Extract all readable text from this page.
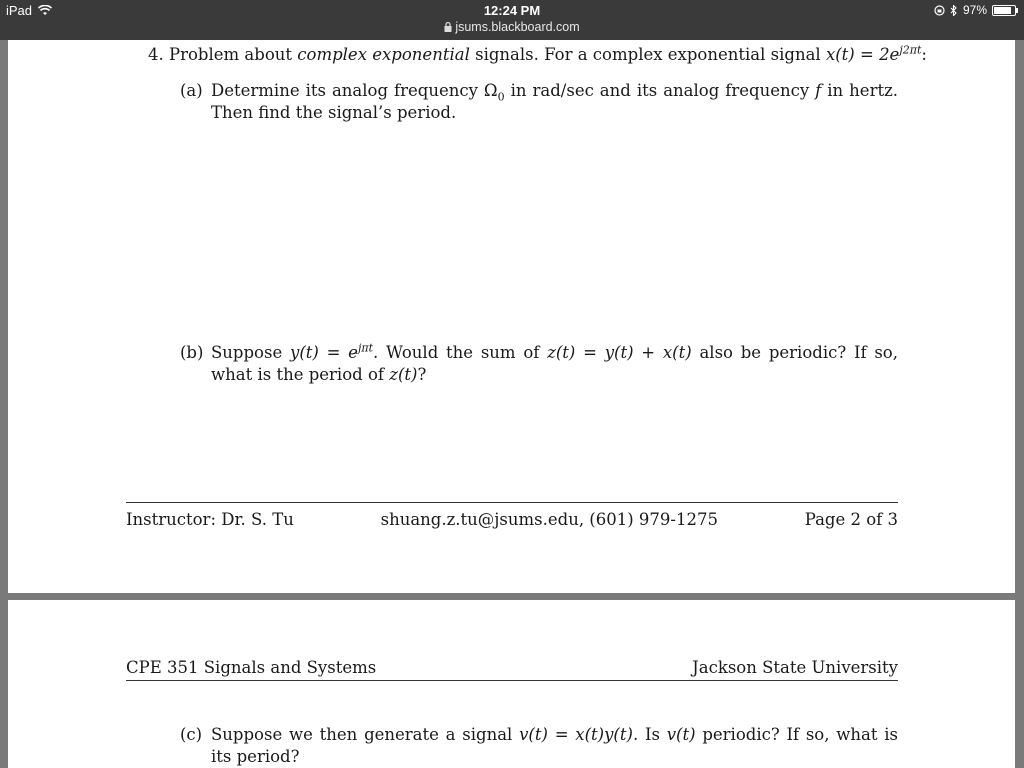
iPad	12:24 PM
jsums.blackboard.com
97%
4. Problem about complex exponential signals. For a complex exponential signal $x(t) = 2e^{j2\pi t}$:
(a) Determine its analog frequency $\Omega_0$ in rad/sec and its analog frequency f in hertz. Then find the signal’s period.
(b) Suppose $y(t) = e^{j\pi t}$. Would the sum of z(t) = y(t) + x(t) also be periodic? If so, what is the period of z(t)?
Instructor: Dr. S. Tu	shuang.z.tu@jsums.edu, (601) 979-1275	Page 2 of 3
CPE 351 Signals and Systems	Jackson State University
(c) Suppose we then generate a signal v(t) = x(t)y(t). Is v(t) periodic? If so, what is its period?
